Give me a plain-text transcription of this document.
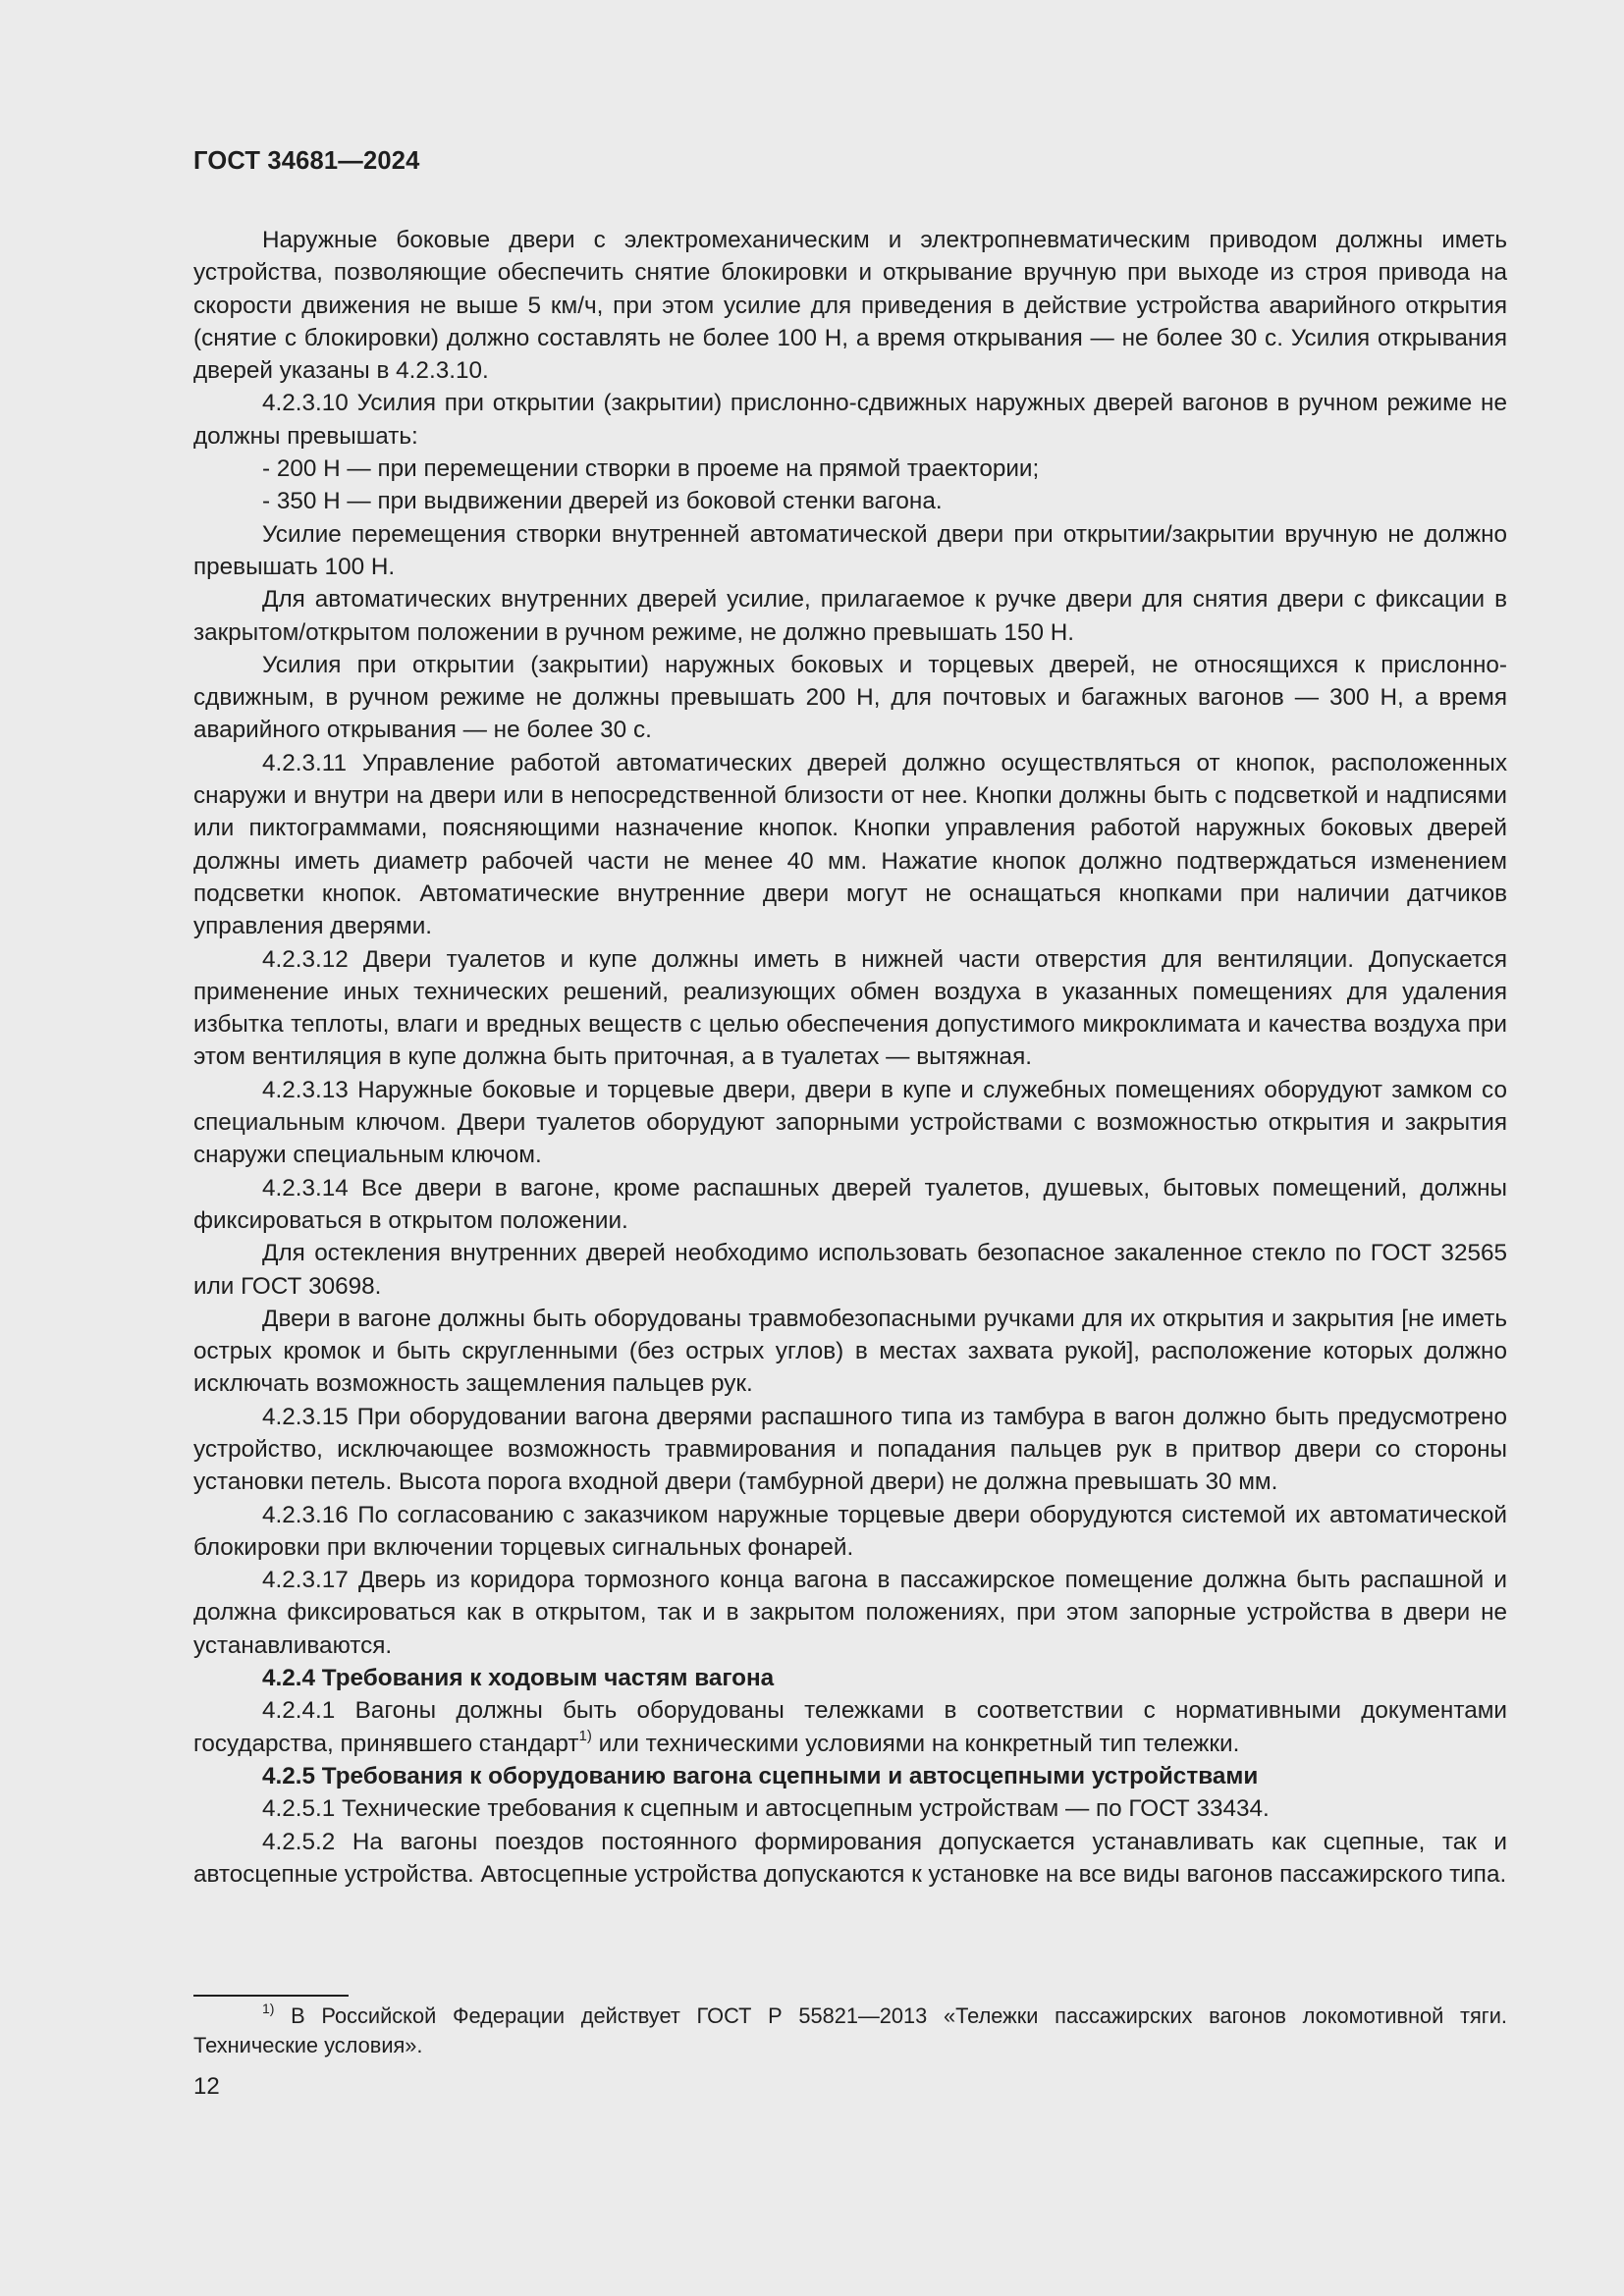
ГОСТ 34681—2024

Наружные боковые двери с электромеханическим и электропневматическим приводом должны иметь устройства, позволяющие обеспечить снятие блокировки и открывание вручную при выходе из строя привода на скорости движения не выше 5 км/ч, при этом усилие для приведения в действие устройства аварийного открытия (снятие с блокировки) должно составлять не более 100 Н, а время открывания — не более 30 с. Усилия открывания дверей указаны в 4.2.3.10.

4.2.3.10 Усилия при открытии (закрытии) прислонно-сдвижных наружных дверей вагонов в ручном режиме не должны превышать:

- 200 Н — при перемещении створки в проеме на прямой траектории;

- 350 Н — при выдвижении дверей из боковой стенки вагона.

Усилие перемещения створки внутренней автоматической двери при открытии/закрытии вручную не должно превышать 100 Н.

Для автоматических внутренних дверей усилие, прилагаемое к ручке двери для снятия двери с фиксации в закрытом/открытом положении в ручном режиме, не должно превышать 150 Н.

Усилия при открытии (закрытии) наружных боковых и торцевых дверей, не относящихся к прислонно-сдвижным, в ручном режиме не должны превышать 200 Н, для почтовых и багажных вагонов — 300 Н, а время аварийного открывания — не более 30 с.

4.2.3.11 Управление работой автоматических дверей должно осуществляться от кнопок, расположенных снаружи и внутри на двери или в непосредственной близости от нее. Кнопки должны быть с подсветкой и надписями или пиктограммами, поясняющими назначение кнопок. Кнопки управления работой наружных боковых дверей должны иметь диаметр рабочей части не менее 40 мм. Нажатие кнопок должно подтверждаться изменением подсветки кнопок. Автоматические внутренние двери могут не оснащаться кнопками при наличии датчиков управления дверями.

4.2.3.12 Двери туалетов и купе должны иметь в нижней части отверстия для вентиляции. Допускается применение иных технических решений, реализующих обмен воздуха в указанных помещениях для удаления избытка теплоты, влаги и вредных веществ с целью обеспечения допустимого микроклимата и качества воздуха при этом вентиляция в купе должна быть приточная, а в туалетах — вытяжная.

4.2.3.13 Наружные боковые и торцевые двери, двери в купе и служебных помещениях оборудуют замком со специальным ключом. Двери туалетов оборудуют запорными устройствами с возможностью открытия и закрытия снаружи специальным ключом.

4.2.3.14 Все двери в вагоне, кроме распашных дверей туалетов, душевых, бытовых помещений, должны фиксироваться в открытом положении.

Для остекления внутренних дверей необходимо использовать безопасное закаленное стекло по ГОСТ 32565 или ГОСТ 30698.

Двери в вагоне должны быть оборудованы травмобезопасными ручками для их открытия и закрытия [не иметь острых кромок и быть скругленными (без острых углов) в местах захвата рукой], расположение которых должно исключать возможность защемления пальцев рук.

4.2.3.15 При оборудовании вагона дверями распашного типа из тамбура в вагон должно быть предусмотрено устройство, исключающее возможность травмирования и попадания пальцев рук в притвор двери со стороны установки петель. Высота порога входной двери (тамбурной двери) не должна превышать 30 мм.

4.2.3.16 По согласованию с заказчиком наружные торцевые двери оборудуются системой их автоматической блокировки при включении торцевых сигнальных фонарей.

4.2.3.17 Дверь из коридора тормозного конца вагона в пассажирское помещение должна быть распашной и должна фиксироваться как в открытом, так и в закрытом положениях, при этом запорные устройства в двери не устанавливаются.

4.2.4 Требования к ходовым частям вагона

4.2.4.1 Вагоны должны быть оборудованы тележками в соответствии с нормативными документами государства, принявшего стандарт$^{1)}$ или техническими условиями на конкретный тип тележки.

4.2.5 Требования к оборудованию вагона сцепными и автосцепными устройствами

4.2.5.1 Технические требования к сцепным и автосцепным устройствам — по ГОСТ 33434.

4.2.5.2 На вагоны поездов постоянного формирования допускается устанавливать как сцепные, так и автосцепные устройства. Автосцепные устройства допускаются к установке на все виды вагонов пассажирского типа.

$^{1)}$ В Российской Федерации действует ГОСТ Р 55821—2013 «Тележки пассажирских вагонов локомотивной тяги. Технические условия».

12
